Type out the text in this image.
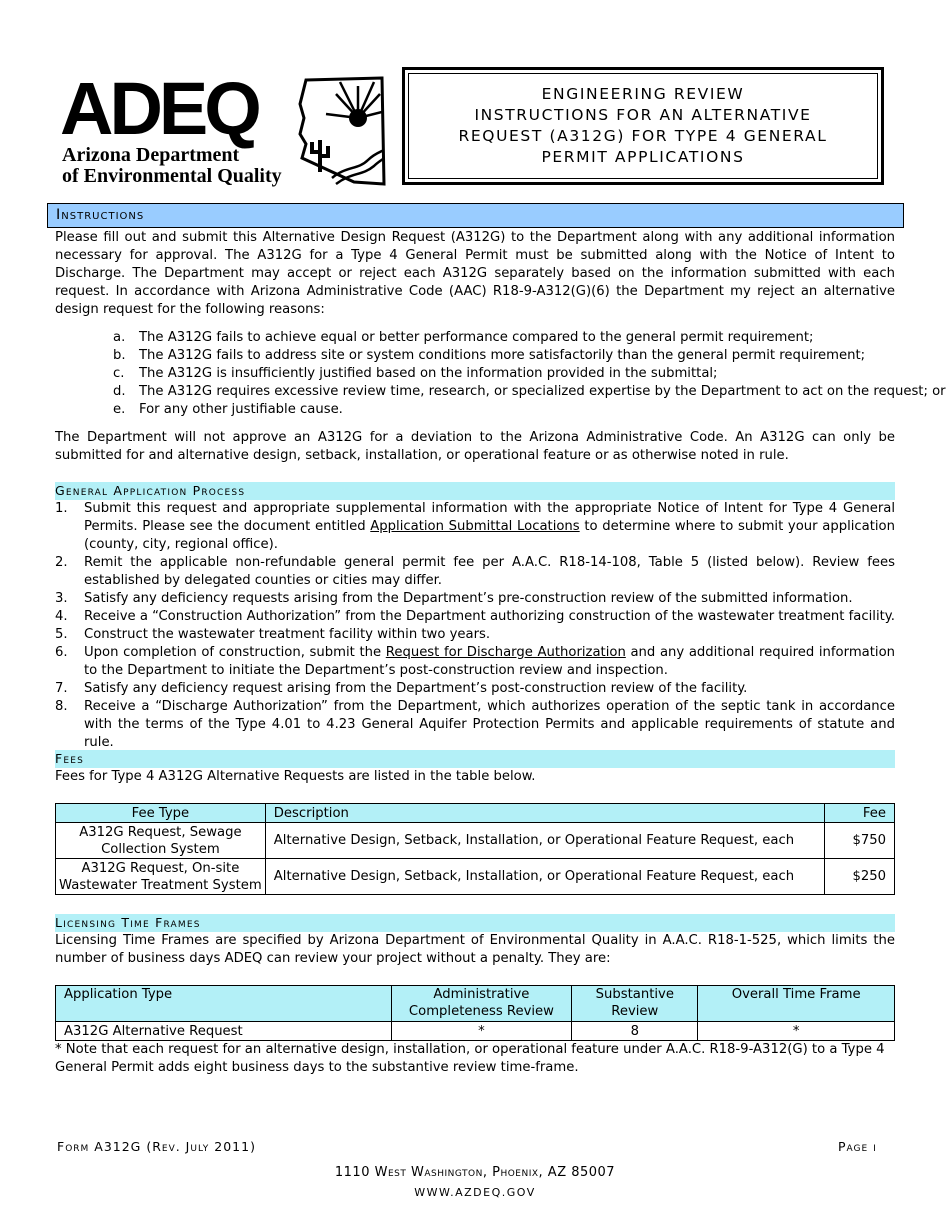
ADEQ
Arizona Department
of Environmental Quality
ENGINEERING REVIEW
INSTRUCTIONS FOR AN ALTERNATIVE
REQUEST (A312G) FOR TYPE 4 GENERAL
PERMIT APPLICATIONS
Instructions

Please fill out and submit this Alternative Design Request (A312G) to the Department along with any additional information necessary for approval. The A312G for a Type 4 General Permit must be submitted along with the Notice of Intent to Discharge. The Department may accept or reject each A312G separately based on the information submitted with each request. In accordance with Arizona Administrative Code (AAC) R18-9-A312(G)(6) the Department my reject an alternative design request for the following reasons:

a.	The A312G fails to achieve equal or better performance compared to the general permit requirement;
b.	The A312G fails to address site or system conditions more satisfactorily than the general permit requirement;
c.	The A312G is insufficiently justified based on the information provided in the submittal;
d.	The A312G requires excessive review time, research, or specialized expertise by the Department to act on the request; or
e.	For any other justifiable cause.

The Department will not approve an A312G for a deviation to the Arizona Administrative Code. An A312G can only be submitted for and alternative design, setback, installation, or operational feature or as otherwise noted in rule.

General Application Process
1.	Submit this request and appropriate supplemental information with the appropriate Notice of Intent for Type 4 General Permits. Please see the document entitled Application Submittal Locations to determine where to submit your application (county, city, regional office).
2.	Remit the applicable non-refundable general permit fee per A.A.C. R18-14-108, Table 5 (listed below). Review fees established by delegated counties or cities may differ.
3.	Satisfy any deficiency requests arising from the Department’s pre-construction review of the submitted information.
4.	Receive a “Construction Authorization” from the Department authorizing construction of the wastewater treatment facility.
5.	Construct the wastewater treatment facility within two years.
6.	Upon completion of construction, submit the Request for Discharge Authorization and any additional required information to the Department to initiate the Department’s post-construction review and inspection.
7.	Satisfy any deficiency request arising from the Department’s post-construction review of the facility.
8.	Receive a “Discharge Authorization” from the Department, which authorizes operation of the septic tank in accordance with the terms of the Type 4.01 to 4.23 General Aquifer Protection Permits and applicable requirements of statute and rule.
Fees

Fees for Type 4 A312G Alternative Requests are listed in the table below.

Fee Type	Description	Fee
A312G Request, Sewage Collection System	Alternative Design, Setback, Installation, or Operational Feature Request, each	$750
A312G Request, On-site Wastewater Treatment System	Alternative Design, Setback, Installation, or Operational Feature Request, each	$250
Licensing Time Frames

Licensing Time Frames are specified by Arizona Department of Environmental Quality in A.A.C. R18-1-525, which limits the number of business days ADEQ can review your project without a penalty. They are:

Application Type	Administrative Completeness Review	Substantive Review	Overall Time Frame
A312G Alternative Request	*	8	*

* Note that each request for an alternative design, installation, or operational feature under A.A.C. R18-9-A312(G) to a Type 4 General Permit adds eight business days to the substantive review time-frame.

Form A312G (Rev. July 2011)	Page i
1110 West Washington, Phoenix, AZ 85007
WWW.AZDEQ.GOV
